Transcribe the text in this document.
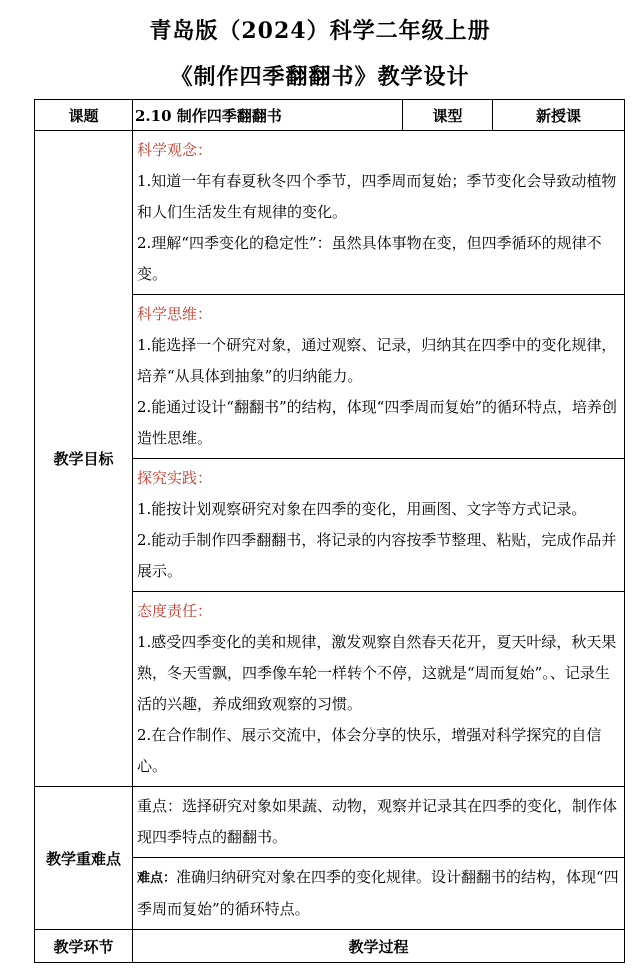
青岛版（2024）科学二年级上册
《制作四季翻翻书》教学设计
课题	2.10 制作四季翻翻书	课型	新授课
教学目标	科学观念：

1.知道一年有春夏秋冬四个季节，四季周而复始；季节变化会导致动植物和人们生活发生有规律的变化。

2.理解“四季变化的稳定性”：虽然具体事物在变，但四季循环的规律不变。		

	科学思维：

1.能选择一个研究对象，通过观察、记录，归纳其在四季中的变化规律，培养“从具体到抽象”的归纳能力。

2.能通过设计“翻翻书”的结构，体现“四季周而复始”的循环特点，培养创造性思维。		

	探究实践：

1.能按计划观察研究对象在四季的变化，用画图、文字等方式记录。

2.能动手制作四季翻翻书，将记录的内容按季节整理、粘贴，完成作品并展示。		

	态度责任：

1.感受四季变化的美和规律，激发观察自然春天花开，夏天叶绿，秋天果熟，冬天雪飘，四季像车轮一样转个不停，这就是“周而复始”。、记录生活的兴趣，养成细致观察的习惯。

2.在合作制作、展示交流中，体会分享的快乐，增强对科学探究的自信心。		

教学重难点	重点：选择研究对象如果蔬、动物，观察并记录其在四季的变化，制作体现四季特点的翻翻书。		

	难点：准确归纳研究对象在四季的变化规律。设计翻翻书的结构，体现“四季周而复始”的循环特点。		

教学环节	教学过程		
